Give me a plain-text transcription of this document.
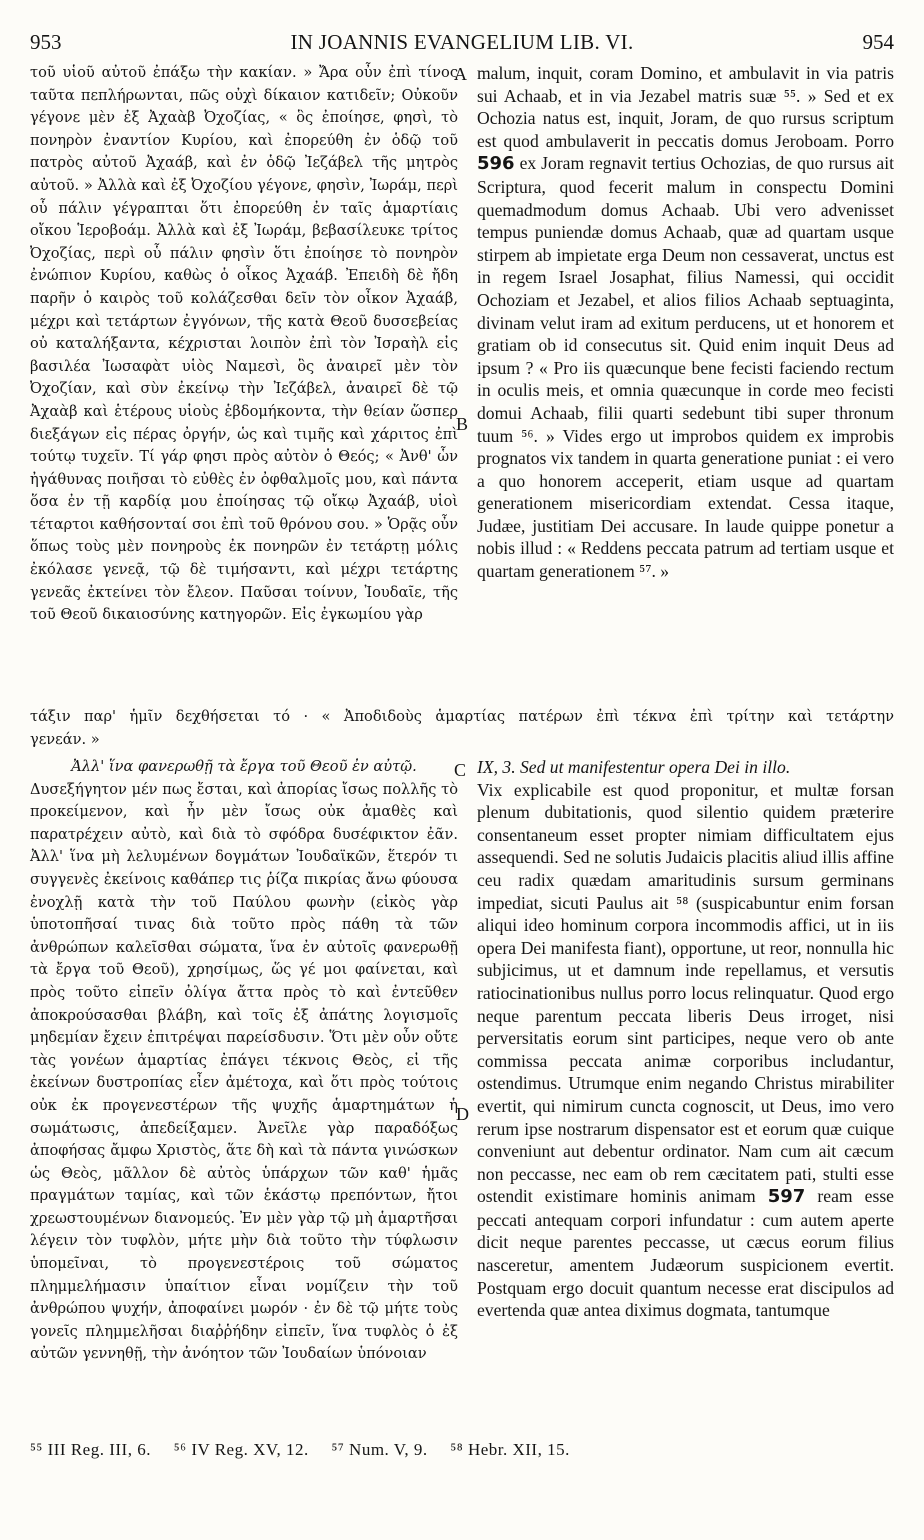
953	IN JOANNIS EVANGELIUM LIB. VI.	954

τοῦ υἱοῦ αὐτοῦ ἐπάξω τὴν κακίαν. » Ἄρα οὖν ἐπὶ τίνος ταῦτα πεπλήρωνται, πῶς οὐχὶ δίκαιον κατιδεῖν; Οὐκοῦν γέγονε μὲν ἐξ Ἀχαὰβ Ὀχοζίας, « ὃς ἐποίησε, φησὶ, τὸ πονηρὸν ἐναντίον Κυρίου, καὶ ἐπορεύθη ἐν ὁδῷ τοῦ πατρὸς αὐτοῦ Ἀχαάβ, καὶ ἐν ὁδῷ Ἰεζάβελ τῆς μητρὸς αὐτοῦ. » Ἀλλὰ καὶ ἐξ Ὀχοζίου γέγονε, φησὶν, Ἰωράμ, περὶ οὗ πάλιν γέγραπται ὅτι ἐπορεύθη ἐν ταῖς ἁμαρτίαις οἴκου Ἱεροβοάμ. Ἀλλὰ καὶ ἐξ Ἰωράμ, βεβασίλευκε τρίτος Ὀχοζίας, περὶ οὗ πάλιν φησὶν ὅτι ἐποίησε τὸ πονηρὸν ἐνώπιον Κυρίου, καθὼς ὁ οἶκος Ἀχαάβ. Ἐπειδὴ δὲ ἤδη παρῆν ὁ καιρὸς τοῦ κολάζεσθαι δεῖν τὸν οἶκον Ἀχαάβ, μέχρι καὶ τετάρτων ἐγγόνων, τῆς κατὰ Θεοῦ δυσσεβείας οὐ καταλήξαντα, κέχρισται λοιπὸν ἐπὶ τὸν Ἰσραὴλ εἰς βασιλέα Ἰωσαφὰτ υἱὸς Ναμεσὶ, ὃς ἀναιρεῖ μὲν τὸν Ὀχοζίαν, καὶ σὺν ἐκείνῳ τὴν Ἰεζάβελ, ἀναιρεῖ δὲ τῷ Ἀχαὰβ καὶ ἑτέρους υἱοὺς ἑβδομήκοντα, τὴν θείαν ὥσπερ διεξάγων εἰς πέρας ὀργήν, ὡς καὶ τιμῆς καὶ χάριτος ἐπὶ τούτῳ τυχεῖν. Τί γάρ φησι πρὸς αὐτὸν ὁ Θεός; « Ἀνθ' ὧν ἠγάθυνας ποιῆσαι τὸ εὐθὲς ἐν ὀφθαλμοῖς μου, καὶ πάντα ὅσα ἐν τῇ καρδίᾳ μου ἐποίησας τῷ οἴκῳ Ἀχαάβ, υἱοὶ τέταρτοι καθήσονταί σοι ἐπὶ τοῦ θρόνου σου. » Ὁρᾷς οὖν ὅπως τοὺς μὲν πονηροὺς ἐκ πονηρῶν ἐν τετάρτῃ μόλις ἐκόλασε γενεᾷ, τῷ δὲ τιμήσαντι, καὶ μέχρι τετάρτης γενεᾶς ἐκτείνει τὸν ἔλεον. Παῦσαι τοίνυν, Ἰουδαῖε, τῆς τοῦ Θεοῦ δικαιοσύνης κατηγορῶν. Εἰς ἐγκωμίου γὰρ

malum, inquit, coram Domino, et ambulavit in via patris sui Achaab, et in via Jezabel matris suæ ⁵⁵. » Sed et ex Ochozia natus est, inquit, Joram, de quo rursus scriptum est quod ambulaverit in peccatis domus Jeroboam. Porro 596 ex Joram regnavit tertius Ochozias, de quo rursus ait Scriptura, quod fecerit malum in conspectu Domini quemadmodum domus Achaab. Ubi vero advenisset tempus puniendæ domus Achaab, quæ ad quartam usque stirpem ab impietate erga Deum non cessaverat, unctus est in regem Israel Josaphat, filius Namessi, qui occidit Ochoziam et Jezabel, et alios filios Achaab septuaginta, divinam velut iram ad exitum perducens, ut et honorem et gratiam ob id consecutus sit. Quid enim inquit Deus ad ipsum ? « Pro iis quæcunque bene fecisti faciendo rectum in oculis meis, et omnia quæcunque in corde meo fecisti domui Achaab, filii quarti sedebunt tibi super thronum tuum ⁵⁶. » Vides ergo ut improbos quidem ex improbis prognatos vix tandem in quarta generatione puniat : ei vero a quo honorem acceperit, etiam usque ad quartam generationem misericordiam extendat. Cessa itaque, Judæe, justitiam Dei accusare. In laude quippe ponetur a nobis illud : « Reddens peccata patrum ad tertiam usque et quartam generationem ⁵⁷. »

τάξιν παρ' ἡμῖν δεχθήσεται τό · « Ἀποδιδοὺς ἁμαρτίας πατέρων ἐπὶ τέκνα ἐπὶ τρίτην καὶ τετάρτην

γενεάν. »

Ἀλλ' ἵνα φανερωθῇ τὰ ἔργα τοῦ Θεοῦ ἐν αὐτῷ.

Δυσεξήγητον μέν πως ἔσται, καὶ ἀπορίας ἴσως πολλῆς τὸ προκείμενον, καὶ ἦν μὲν ἴσως οὐκ ἀμαθὲς καὶ παρατρέχειν αὐτὸ, καὶ διὰ τὸ σφόδρα δυσέφικτον ἐᾶν. Ἀλλ' ἵνα μὴ λελυμένων δογμάτων Ἰουδαϊκῶν, ἕτερόν τι συγγενὲς ἐκείνοις καθάπερ τις ῥίζα πικρίας ἄνω φύουσα ἐνοχλῇ κατὰ τὴν τοῦ Παύλου φωνὴν (εἰκὸς γὰρ ὑποτοπῆσαί τινας διὰ τοῦτο πρὸς πάθη τὰ τῶν ἀνθρώπων καλεῖσθαι σώματα, ἵνα ἐν αὐτοῖς φανερωθῇ τὰ ἔργα τοῦ Θεοῦ), χρησίμως, ὥς γέ μοι φαίνεται, καὶ πρὸς τοῦτο εἰπεῖν ὀλίγα ἄττα πρὸς τὸ καὶ ἐντεῦθεν ἀποκρούσασθαι βλάβη, καὶ τοῖς ἐξ ἀπάτης λογισμοῖς μηδεμίαν ἔχειν ἐπιτρέψαι παρείσδυσιν. Ὅτι μὲν οὖν οὔτε τὰς γονέων ἁμαρτίας ἐπάγει τέκνοις Θεὸς, εἰ τῆς ἐκείνων δυστροπίας εἶεν ἀμέτοχα, καὶ ὅτι πρὸς τούτοις οὐκ ἐκ προγενεστέρων τῆς ψυχῆς ἁμαρτημάτων ἡ σωμάτωσις, ἀπεδείξαμεν. Ἀνεῖλε γὰρ παραδόξως ἀποφήσας ἄμφω Χριστὸς, ἅτε δὴ καὶ τὰ πάντα γινώσκων ὡς Θεὸς, μᾶλλον δὲ αὐτὸς ὑπάρχων τῶν καθ' ἡμᾶς πραγμάτων ταμίας, καὶ τῶν ἑκάστῳ πρεπόντων, ἤτοι χρεωστουμένων διανομεύς. Ἐν μὲν γὰρ τῷ μὴ ἁμαρτῆσαι λέγειν τὸν τυφλὸν, μήτε μὴν διὰ τοῦτο τὴν τύφλωσιν ὑπομεῖναι, τὸ προγενεστέροις τοῦ σώματος πλημμελήμασιν ὑπαίτιον εἶναι νομίζειν τὴν τοῦ ἀνθρώπου ψυχήν, ἀποφαίνει μωρόν · ἐν δὲ τῷ μήτε τοὺς γονεῖς πλημμελῆσαι διαῤῥήδην εἰπεῖν, ἵνα τυφλὸς ὁ ἐξ αὐτῶν γεννηθῇ, τὴν ἀνόητον τῶν Ἰουδαίων ὑπόνοιαν

IX, 3. Sed ut manifestentur opera Dei in illo.

Vix explicabile est quod proponitur, et multæ forsan plenum dubitationis, quod silentio quidem præterire consentaneum esset propter nimiam difficultatem ejus assequendi. Sed ne solutis Judaicis placitis aliud illis affine ceu radix quædam amaritudinis sursum germinans impediat, sicuti Paulus ait ⁵⁸ (suspicabuntur enim forsan aliqui ideo hominum corpora incommodis affici, ut in iis opera Dei manifesta fiant), opportune, ut reor, nonnulla hic subjicimus, ut et damnum inde repellamus, et versutis ratiocinationibus nullus porro locus relinquatur. Quod ergo neque parentum peccata liberis Deus irroget, nisi perversitatis eorum sint participes, neque vero ob ante commissa peccata animæ corporibus includantur, ostendimus. Utrumque enim negando Christus mirabiliter evertit, qui nimirum cuncta cognoscit, ut Deus, imo vero rerum ipse nostrarum dispensator est et eorum quæ cuique conveniunt aut debentur ordinator. Nam cum ait cæcum non peccasse, nec eam ob rem cæcitatem pati, stulti esse ostendit existimare hominis animam 597 ream esse peccati antequam corpori infundatur : cum autem aperte dicit neque parentes peccasse, ut cæcus eorum filius nasceretur, amentem Judæorum suspicionem evertit. Postquam ergo docuit quantum necesse erat discipulos ad evertenda quæ antea diximus dogmata, tantumque

A
B
C
D
⁵⁵ III Reg. III, 6. ⁵⁶ IV Reg. XV, 12. ⁵⁷ Num. V, 9. ⁵⁸ Hebr. XII, 15.
